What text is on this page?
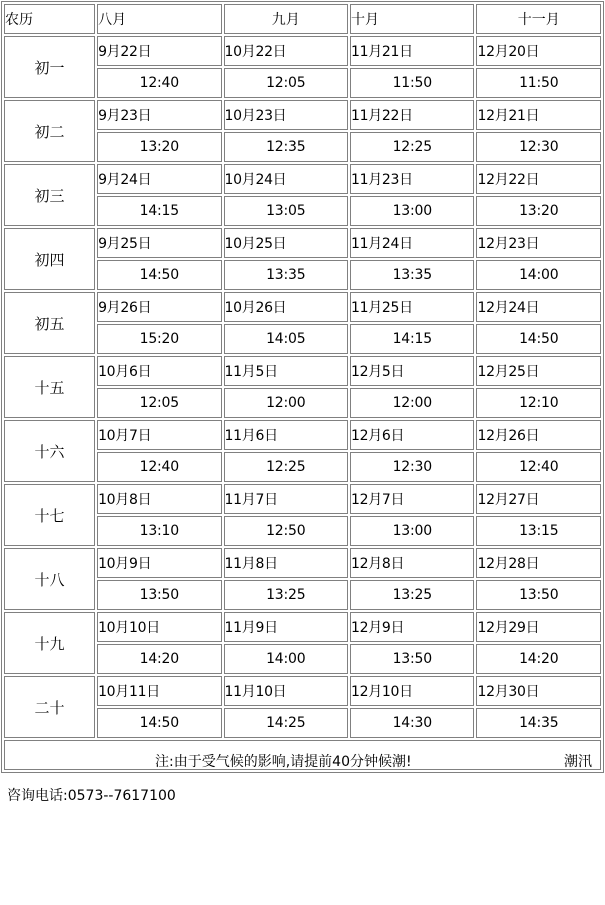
农历	八月	九月	十月	十一月
初一	9月22日	10月22日	11月21日	12月20日
	12:40	12:05	11:50	11:50
初二	9月23日	10月23日	11月22日	12月21日
	13:20	12:35	12:25	12:30
初三	9月24日	10月24日	11月23日	12月22日
	14:15	13:05	13:00	13:20
初四	9月25日	10月25日	11月24日	12月23日
	14:50	13:35	13:35	14:00
初五	9月26日	10月26日	11月25日	12月24日
	15:20	14:05	14:15	14:50
十五	10月6日	11月5日	12月5日	12月25日
	12:05	12:00	12:00	12:10
十六	10月7日	11月6日	12月6日	12月26日
	12:40	12:25	12:30	12:40
十七	10月8日	11月7日	12月7日	12月27日
	13:10	12:50	13:00	13:15
十八	10月9日	11月8日	12月8日	12月28日
	13:50	13:25	13:25	13:50
十九	10月10日	11月9日	12月9日	12月29日
	14:20	14:00	13:50	14:20
二十	10月11日	11月10日	12月10日	12月30日
	14:50	14:25	14:30	14:35

注:由于受气候的影响,请提前40分钟候潮! 潮汛
咨询电话:0573--7617100				
